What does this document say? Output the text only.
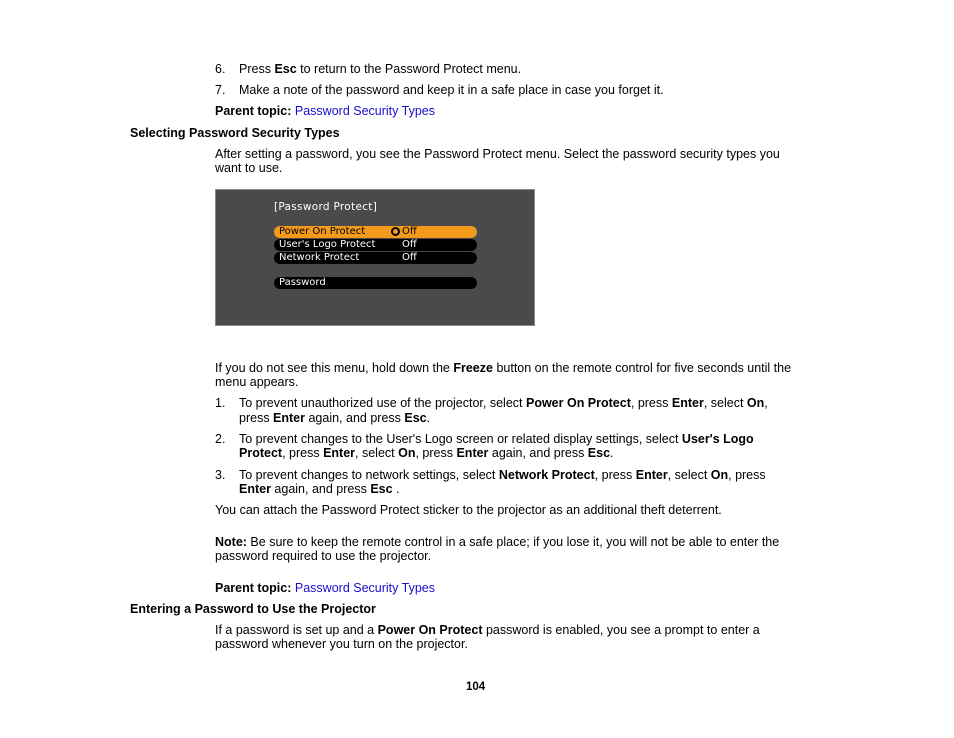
6. Press Esc to return to the Password Protect menu.
7. Make a note of the password and keep it in a safe place in case you forget it.
Parent topic: Password Security Types
Selecting Password Security Types
After setting a password, you see the Password Protect menu. Select the password security types you
want to use.
[Password Protect]
Power On Protect	Off
User's Logo Protect	Off
Network Protect	Off
Password
If you do not see this menu, hold down the Freeze button on the remote control for five seconds until the
menu appears.
1. To prevent unauthorized use of the projector, select Power On Protect, press Enter, select On,
press Enter again, and press Esc.
2. To prevent changes to the User's Logo screen or related display settings, select User's Logo
Protect, press Enter, select On, press Enter again, and press Esc.
3. To prevent changes to network settings, select Network Protect, press Enter, select On, press
Enter again, and press Esc .
You can attach the Password Protect sticker to the projector as an additional theft deterrent.
Note: Be sure to keep the remote control in a safe place; if you lose it, you will not be able to enter the
password required to use the projector.
Parent topic: Password Security Types
Entering a Password to Use the Projector
If a password is set up and a Power On Protect password is enabled, you see a prompt to enter a
password whenever you turn on the projector.
104
